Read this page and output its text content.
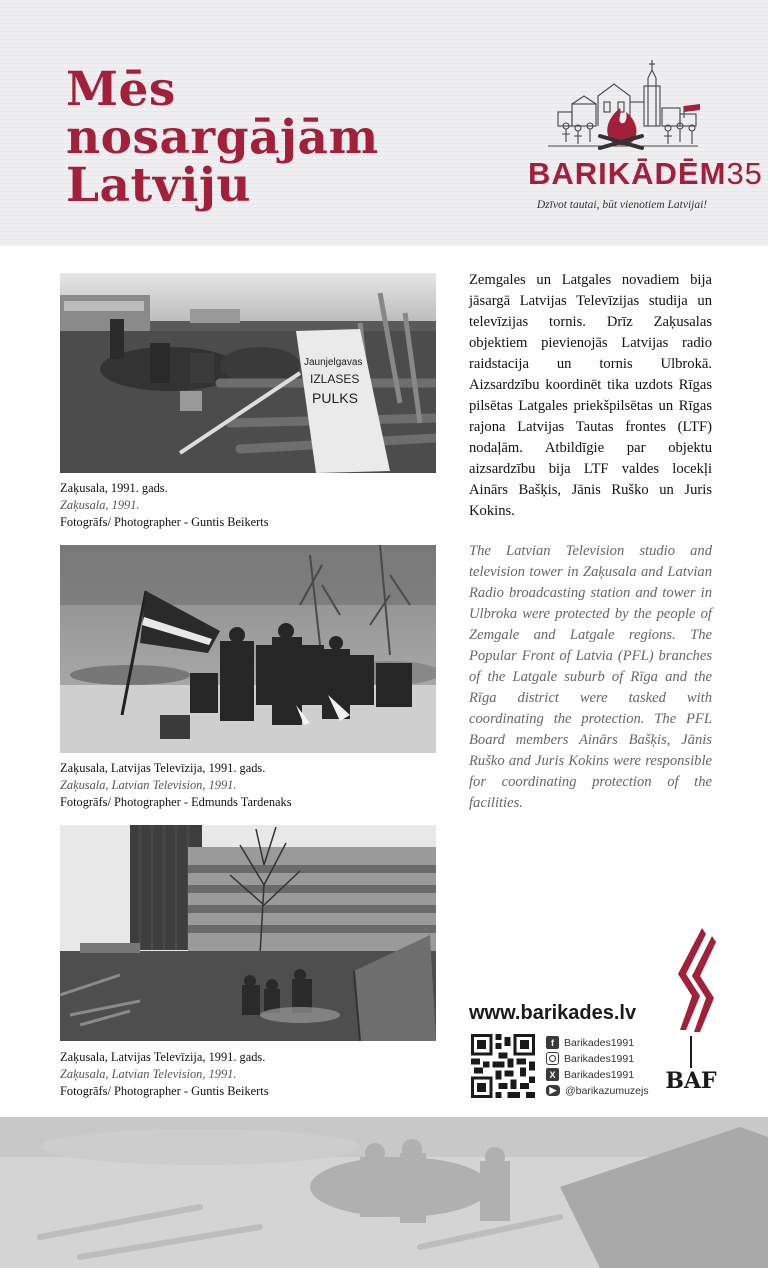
Mēs
nosargājām
Latviju	BARIKĀDĒM35
Dzīvot tautai, būt vienotiem Latvijai!
Jaunjelgavas
IZLASES
PULKS
Zaķusala, 1991. gads.
Zaķusala, 1991.
Fotogrāfs/ Photographer - Guntis Beikerts
Zaķusala, Latvijas Televīzija, 1991. gads.
Zaķusala, Latvian Television, 1991.
Fotogrāfs/ Photographer - Edmunds Tardenaks
Zaķusala, Latvijas Televīzija, 1991. gads.
Zaķusala, Latvian Television, 1991.
Fotogrāfs/ Photographer - Guntis Beikerts
Zemgales un Latgales novadiem bija jāsargā Latvijas Televīzijas studija un televīzijas tornis. Drīz Zaķusalas objektiem pievienojās Latvijas radio raidstacija un tornis Ulbrokā. Aizsardzību koordinēt tika uzdots Rīgas pilsētas Latgales priekšpilsētas un Rīgas rajona Latvijas Tautas frontes (LTF) nodaļām. Atbildīgie par objektu aizsardzību bija LTF valdes locekļi Ainārs Bašķis, Jānis Ruško un Juris Kokins.
The Latvian Television studio and television tower in Zaķusala and Latvian Radio broadcasting station and tower in Ulbroka were protected by the people of Zemgale and Latgale regions. The Popular Front of Latvia (PFL) branches of the Latgale suburb of Rīga and the Rīga district were tasked with coordinating the protection. The PFL Board members Ainārs Bašķis, Jānis Ruško and Juris Kokins were responsible for coordinating protection of the facilities.
www.barikades.lv
f Barikades1991
Barikades1991
X Barikades1991
▶ @barikazumuzejs BAF
